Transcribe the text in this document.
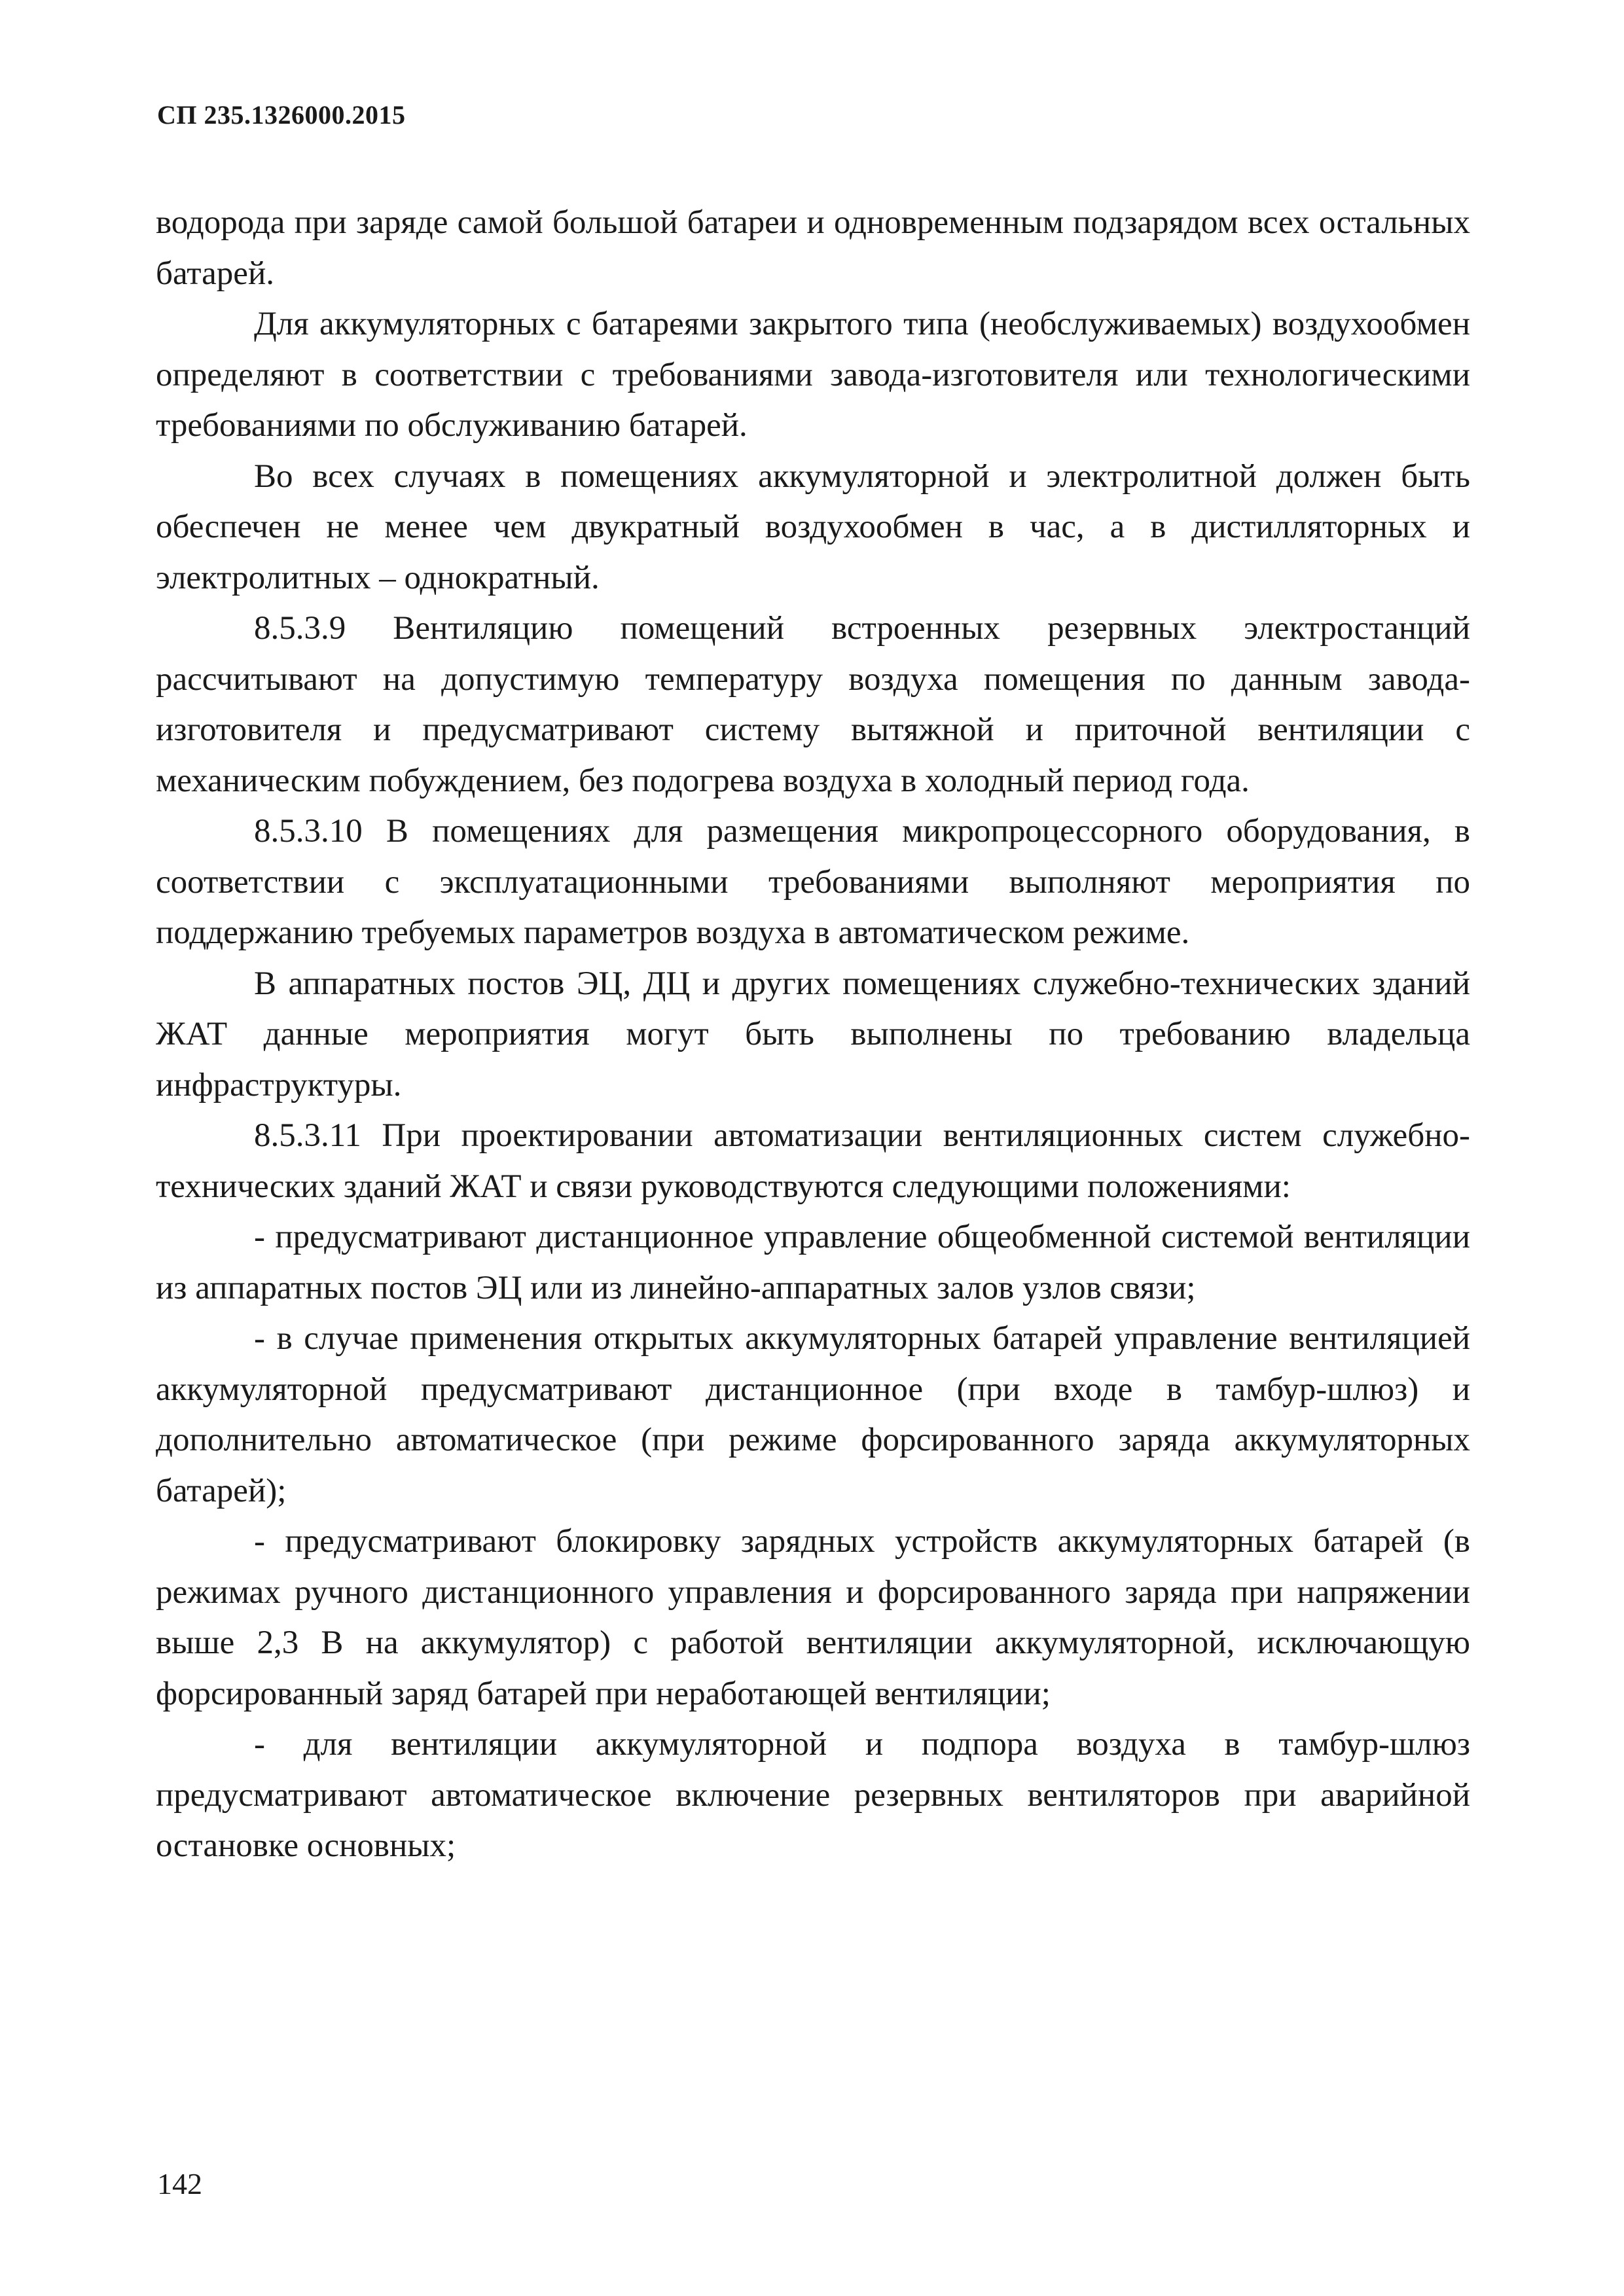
СП 235.1326000.2015

водорода при заряде самой большой батареи и одновременным подзарядом всех остальных батарей.

Для аккумуляторных с батареями закрытого типа (необслуживаемых) воздухообмен определяют в соответствии с требованиями завода-изготовителя или технологическими требованиями по обслуживанию батарей.

Во всех случаях в помещениях аккумуляторной и электролитной должен быть обеспечен не менее чем двукратный воздухообмен в час, а в дистилляторных и электролитных – однократный.

8.5.3.9 Вентиляцию помещений встроенных резервных электростанций рассчитывают на допустимую температуру воздуха помещения по данным завода-изготовителя и предусматривают систему вытяжной и приточной вентиляции с механическим побуждением, без подогрева воздуха в холодный период года.

8.5.3.10 В помещениях для размещения микропроцессорного оборудования, в соответствии с эксплуатационными требованиями выполняют мероприятия по поддержанию требуемых параметров воздуха в автоматическом режиме.

В аппаратных постов ЭЦ, ДЦ и других помещениях служебно-технических зданий ЖАТ данные мероприятия могут быть выполнены по требованию владельца инфраструктуры.

8.5.3.11 При проектировании автоматизации вентиляционных систем служебно-технических зданий ЖАТ и связи руководствуются следующими положениями:

- предусматривают дистанционное управление общеобменной системой вентиляции из аппаратных постов ЭЦ или из линейно-аппаратных залов узлов связи;

- в случае применения открытых аккумуляторных батарей управление вентиляцией аккумуляторной предусматривают дистанционное (при входе в тамбур-шлюз) и дополнительно автоматическое (при режиме форсированного заряда аккумуляторных батарей);

- предусматривают блокировку зарядных устройств аккумуляторных батарей (в режимах ручного дистанционного управления и форсированного заряда при напряжении выше 2,3 В на аккумулятор) с работой вентиляции аккумуляторной, исключающую форсированный заряд батарей при неработающей вентиляции;

- для вентиляции аккумуляторной и подпора воздуха в тамбур-шлюз предусматривают автоматическое включение резервных вентиляторов при аварийной остановке основных;

142
